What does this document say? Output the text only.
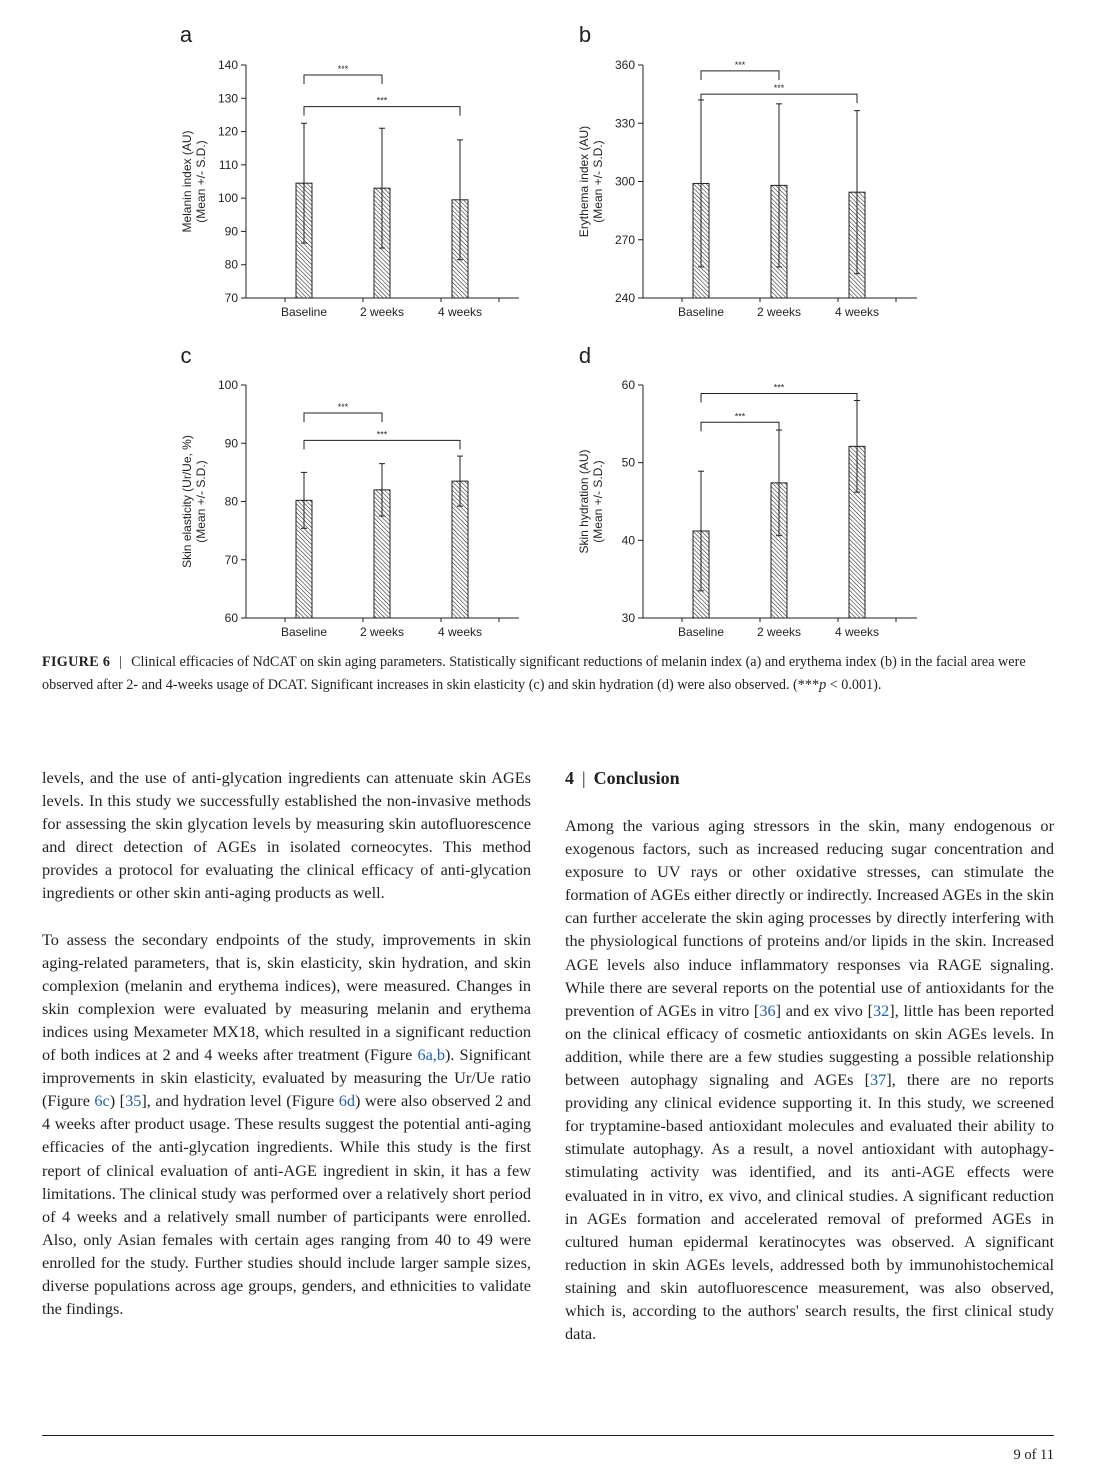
a
70
80
90
100
110
120
130
140
Baseline	2 weeks	4 weeks
***
***
Melanin index (AU) (Mean +/- S.D.)
b
240
270
300
330
360
Baseline	2 weeks	4 weeks
***
***
Erythema index (AU) (Mean +/- S.D.)
c
60
70
80
90
100
Baseline	2 weeks	4 weeks
***
***
Skin elasticity (Ur/Ue, %) (Mean +/- S.D.)
d
30
40
50
60
Baseline	2 weeks	4 weeks
***
***
Skin hydration (AU) (Mean +/- S.D.)
FIGURE 6 | Clinical efficacies of NdCAT on skin aging parameters. Statistically significant reductions of melanin index (a) and erythema index (b) in the facial area were observed after 2- and 4-weeks usage of DCAT. Significant increases in skin elasticity (c) and skin hydration (d) were also observed. (***p < 0.001).

levels, and the use of anti-glycation ingredients can attenuate skin AGEs levels. In this study we successfully established the non-invasive methods for assessing the skin glycation levels by measuring skin autofluorescence and direct detection of AGEs in isolated corneocytes. This method provides a protocol for evaluating the clinical efficacy of anti-glycation ingredients or other skin anti-aging products as well.

To assess the secondary endpoints of the study, improvements in skin aging-related parameters, that is, skin elasticity, skin hydration, and skin complexion (melanin and erythema indices), were measured. Changes in skin complexion were evaluated by measuring melanin and erythema indices using Mexameter MX18, which resulted in a significant reduction of both indices at 2 and 4 weeks after treatment (Figure 6a,b). Significant improvements in skin elasticity, evaluated by measuring the Ur/Ue ratio (Figure 6c) [35], and hydration level (Figure 6d) were also observed 2 and 4 weeks after product usage. These results suggest the potential anti-aging efficacies of the anti-glycation ingredients. While this study is the first report of clinical evaluation of anti-AGE ingredient in skin, it has a few limitations. The clinical study was performed over a relatively short period of 4 weeks and a relatively small number of participants were enrolled. Also, only Asian females with certain ages ranging from 40 to 49 were enrolled for the study. Further studies should include larger sample sizes, diverse populations across age groups, genders, and ethnicities to validate the findings.

4 | Conclusion

Among the various aging stressors in the skin, many endogenous or exogenous factors, such as increased reducing sugar concentration and exposure to UV rays or other oxidative stresses, can stimulate the formation of AGEs either directly or indirectly. Increased AGEs in the skin can further accelerate the skin aging processes by directly interfering with the physiological functions of proteins and/or lipids in the skin. Increased AGE levels also induce inflammatory responses via RAGE signaling. While there are several reports on the potential use of antioxidants for the prevention of AGEs in vitro [36] and ex vivo [32], little has been reported on the clinical efficacy of cosmetic antioxidants on skin AGEs levels. In addition, while there are a few studies suggesting a possible relationship between autophagy signaling and AGEs [37], there are no reports providing any clinical evidence supporting it. In this study, we screened for tryptamine-based antioxidant molecules and evaluated their ability to stimulate autophagy. As a result, a novel antioxidant with autophagy-stimulating activity was identified, and its anti-AGE effects were evaluated in in vitro, ex vivo, and clinical studies. A significant reduction in AGEs formation and accelerated removal of preformed AGEs in cultured human epidermal keratinocytes was observed. A significant reduction in skin AGEs levels, addressed both by immunohistochemical staining and skin autofluorescence measurement, was also observed, which is, according to the authors' search results, the first clinical study data.

9 of 11
